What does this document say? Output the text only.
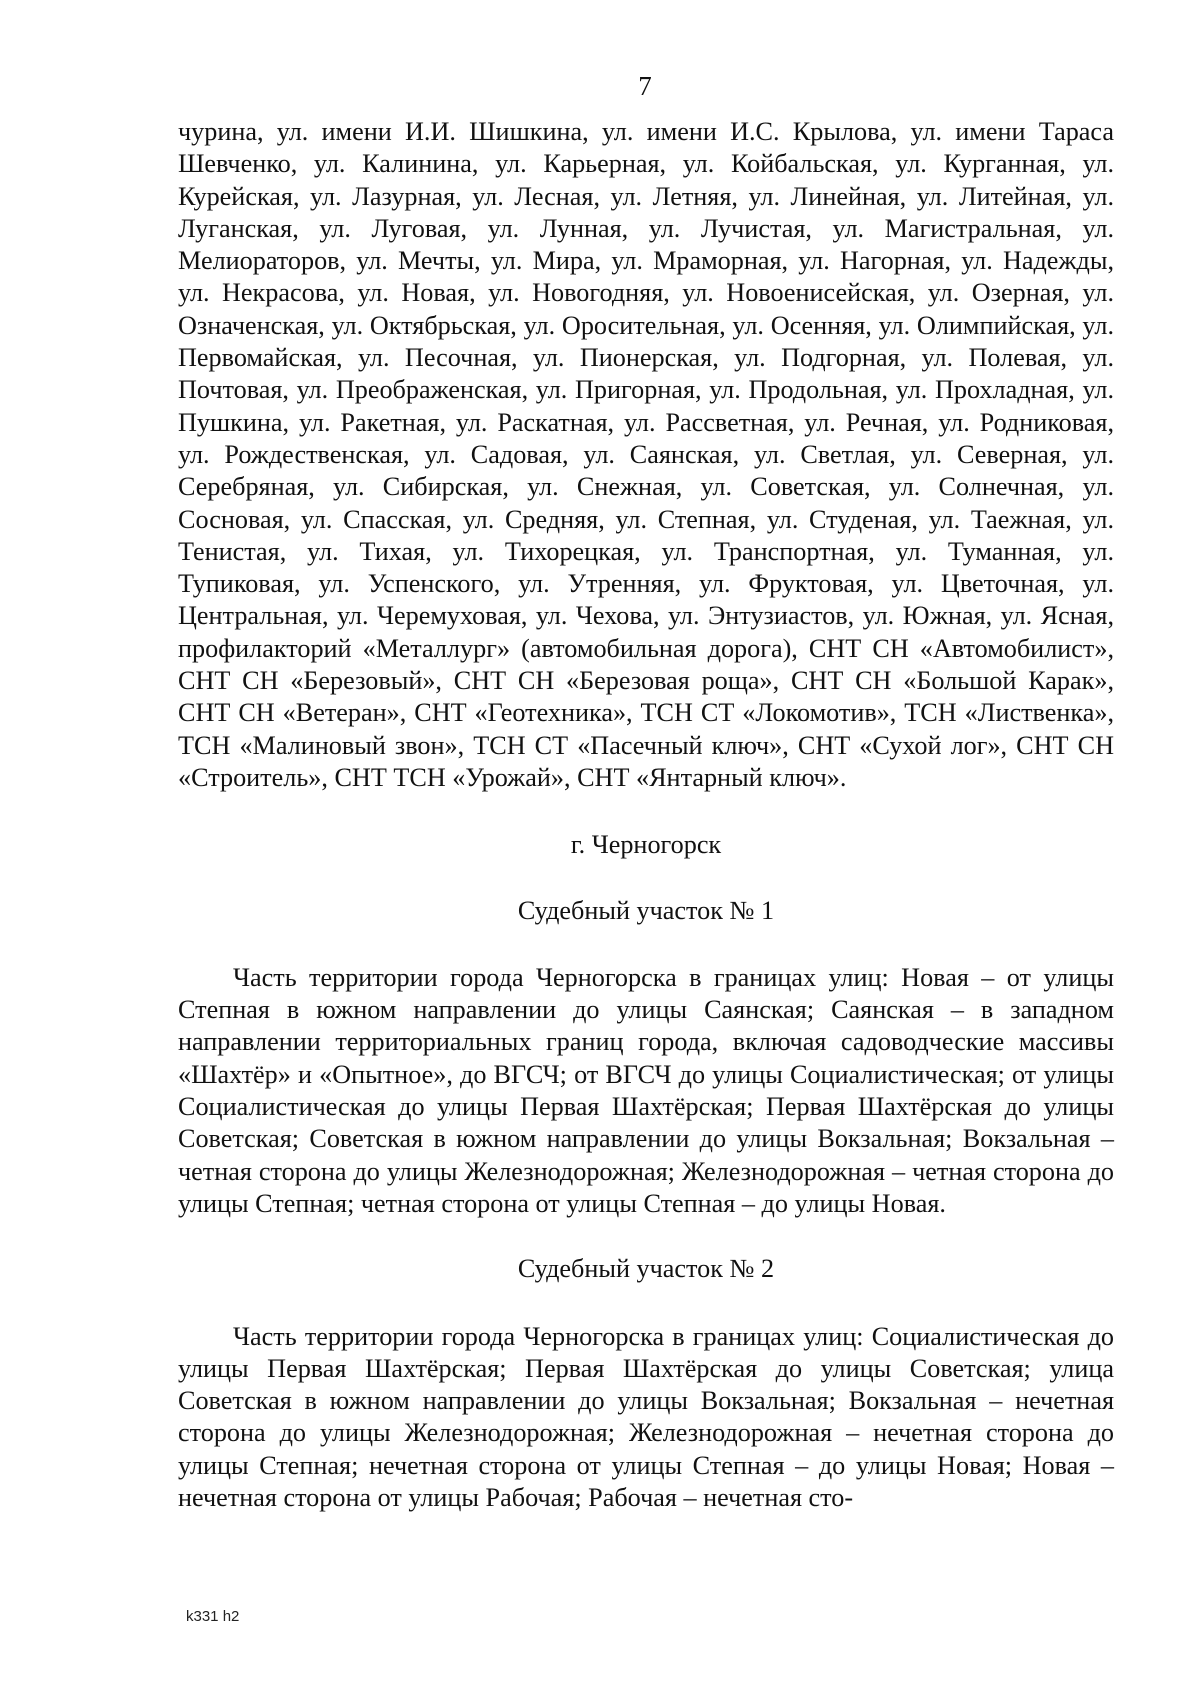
7

чурина, ул. имени И.И. Шишкина, ул. имени И.С. Крылова, ул. имени Тараса Шевченко, ул. Калинина, ул. Карьерная, ул. Койбальская, ул. Курганная, ул. Курейская, ул. Лазурная, ул. Лесная, ул. Летняя, ул. Линейная, ул. Литейная, ул. Луганская, ул. Луговая, ул. Лунная, ул. Лучистая, ул. Магистральная, ул. Мелиораторов, ул. Мечты, ул. Мира, ул. Мраморная, ул. Нагорная, ул. Надежды, ул. Некрасова, ул. Новая, ул. Новогодняя, ул. Новоенисейская, ул. Озерная, ул. Означенская, ул. Октябрьская, ул. Оросительная, ул. Осенняя, ул. Олимпийская, ул. Первомайская, ул. Песочная, ул. Пионерская, ул. Подгорная, ул. Полевая, ул. Почтовая, ул. Преображенская, ул. Пригорная, ул. Продольная, ул. Прохладная, ул. Пушкина, ул. Ракетная, ул. Раскатная, ул. Рассветная, ул. Речная, ул. Родниковая, ул. Рождественская, ул. Садовая, ул. Саянская, ул. Светлая, ул. Северная, ул. Серебряная, ул. Сибирская, ул. Снежная, ул. Советская, ул. Солнечная, ул. Сосновая, ул. Спасская, ул. Средняя, ул. Степная, ул. Студеная, ул. Таежная, ул. Тенистая, ул. Тихая, ул. Тихорецкая, ул. Транспортная, ул. Туманная, ул. Тупиковая, ул. Успенского, ул. Утренняя, ул. Фруктовая, ул. Цветочная, ул. Центральная, ул. Черемуховая, ул. Чехова, ул. Энтузиастов, ул. Южная, ул. Ясная, профилакторий «Металлург» (автомобильная дорога), СНТ СН «Автомобилист», СНТ СН «Березовый», СНТ СН «Березовая роща», СНТ СН «Большой Карак», СНТ СН «Ветеран», СНТ «Геотехника», ТСН СТ «Локомотив», ТСН «Лиственка», ТСН «Малиновый звон», ТСН СТ «Пасечный ключ», СНТ «Сухой лог», СНТ СН «Строитель», СНТ ТСН «Урожай», СНТ «Янтарный ключ».

г. Черногорск

Судебный участок № 1

Часть территории города Черногорска в границах улиц: Новая – от улицы Степная в южном направлении до улицы Саянская; Саянская – в западном направлении территориальных границ города, включая садоводческие массивы «Шахтёр» и «Опытное», до ВГСЧ; от ВГСЧ до улицы Социалистическая; от улицы Социалистическая до улицы Первая Шахтёрская; Первая Шахтёрская до улицы Советская; Советская в южном направлении до улицы Вокзальная; Вокзальная – четная сторона до улицы Железнодорожная; Железнодорожная – четная сторона до улицы Степная; четная сторона от улицы Степная – до улицы Новая.

Судебный участок № 2

Часть территории города Черногорска в границах улиц: Социалистическая до улицы Первая Шахтёрская; Первая Шахтёрская до улицы Советская; улица Советская в южном направлении до улицы Вокзальная; Вокзальная – нечетная сторона до улицы Железнодорожная; Железнодорожная – нечетная сторона до улицы Степная; нечетная сторона от улицы Степная – до улицы Новая; Новая – нечетная сторона от улицы Рабочая; Рабочая – нечетная сто-

k331 h2
